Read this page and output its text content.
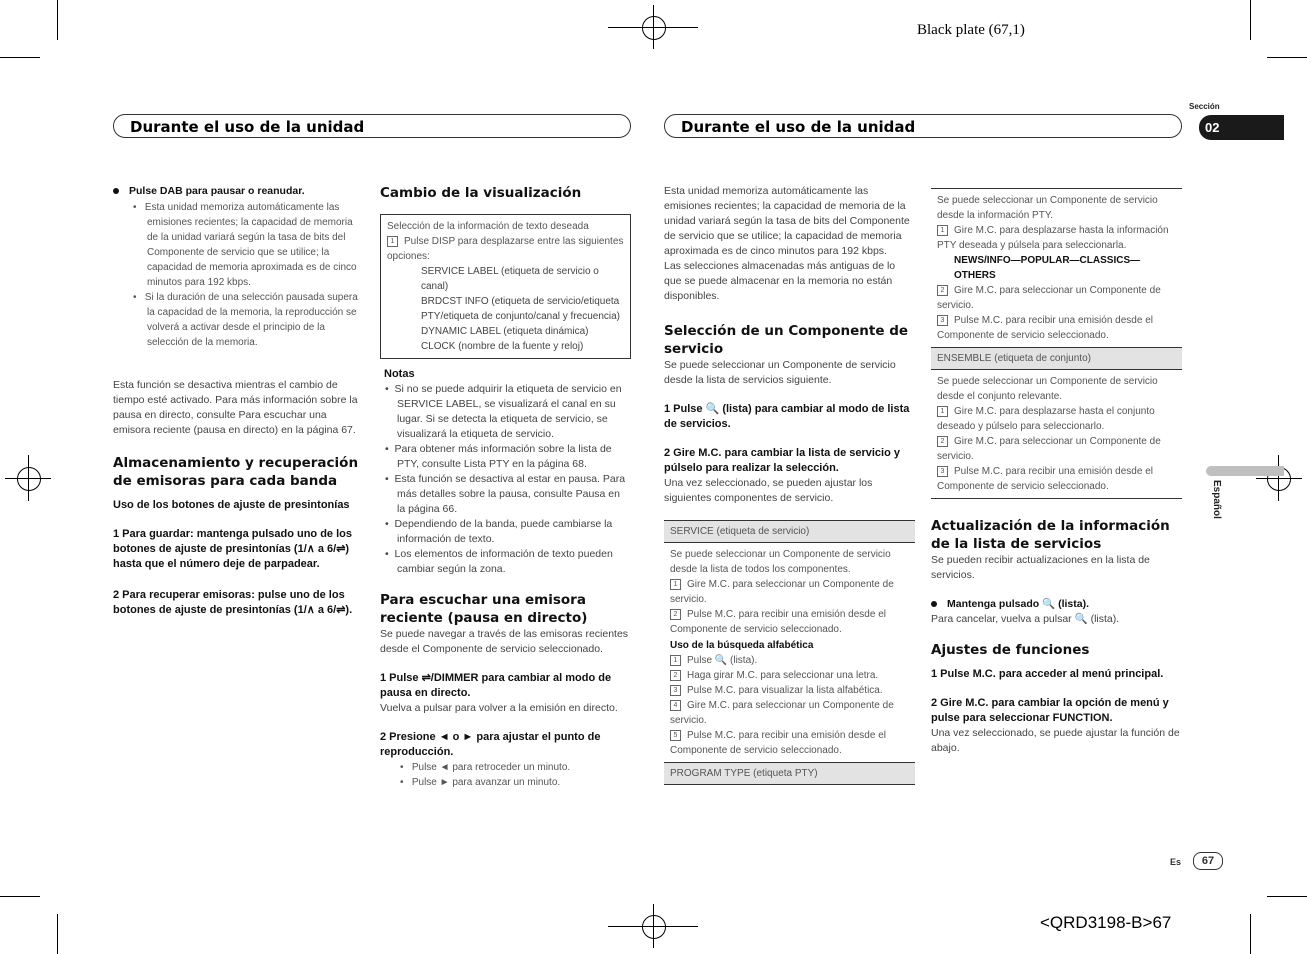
Black plate (67,1)
<QRD3198-B>67
Durante el uso de la unidad	Durante el uso de la unidad
Sección
02
Español

Pulse DAB para pausar o reanudar.

•   Esta unidad memoriza automáticamente las emisiones recientes; la capacidad de memoria de la unidad variará según la tasa de bits del Componente de servicio que se utilice; la capacidad de memoria aproximada es de cinco minutos para 192 kbps.

•   Si la duración de una selección pausada supera la capacidad de la memoria, la reproducción se volverá a activar desde el principio de la selección de la memoria.

Esta función se desactiva mientras el cambio de tiempo esté activado. Para más información sobre la pausa en directo, consulte Para escuchar una emisora reciente (pausa en directo) en la página 67.

Almacenamiento y recuperación de emisoras para cada banda

Uso de los botones de ajuste de presintonías

1 Para guardar: mantenga pulsado uno de los botones de ajuste de presintonías (1/∧ a 6/⇌) hasta que el número deje de parpadear.

2 Para recuperar emisoras: pulse uno de los botones de ajuste de presintonías (1/∧ a 6/⇌).

Cambio de la visualización
Selección de la información de texto deseada
1 Pulse DISP para desplazarse entre las siguientes opciones:
SERVICE LABEL (etiqueta de servicio o canal)
BRDCST INFO (etiqueta de servicio/etiqueta PTY/etiqueta de conjunto/canal y frecuencia)
DYNAMIC LABEL (etiqueta dinámica)
CLOCK (nombre de la fuente y reloj)

Notas

•  Si no se puede adquirir la etiqueta de servicio en SERVICE LABEL, se visualizará el canal en su lugar. Si se detecta la etiqueta de servicio, se visualizará la etiqueta de servicio.

•  Para obtener más información sobre la lista de PTY, consulte Lista PTY en la página 68.

•  Esta función se desactiva al estar en pausa. Para más detalles sobre la pausa, consulte Pausa en la página 66.

•  Dependiendo de la banda, puede cambiarse la información de texto.

•  Los elementos de información de texto pueden cambiar según la zona.

Para escuchar una emisora reciente (pausa en directo)

Se puede navegar a través de las emisoras recientes desde el Componente de servicio seleccionado.

1 Pulse ⇌/DIMMER para cambiar al modo de pausa en directo.

Vuelva a pulsar para volver a la emisión en directo.

2 Presione ◄ o ► para ajustar el punto de reproducción.

•   Pulse ◄ para retroceder un minuto.

•   Pulse ► para avanzar un minuto.

Esta unidad memoriza automáticamente las emisiones recientes; la capacidad de memoria de la unidad variará según la tasa de bits del Componente de servicio que se utilice; la capacidad de memoria aproximada es de cinco minutos para 192 kbps.
Las selecciones almacenadas más antiguas de lo que se puede almacenar en la memoria no están disponibles.

Selección de un Componente de servicio

Se puede seleccionar un Componente de servicio desde la lista de servicios siguiente.

1 Pulse 🔍 (lista) para cambiar al modo de lista de servicios.

2 Gire M.C. para cambiar la lista de servicio y púlselo para realizar la selección.

Una vez seleccionado, se pueden ajustar los siguientes componentes de servicio.

SERVICE (etiqueta de servicio)
Se puede seleccionar un Componente de servicio desde la lista de todos los componentes.
1 Gire M.C. para seleccionar un Componente de servicio.
2 Pulse M.C. para recibir una emisión desde el Componente de servicio seleccionado.
Uso de la búsqueda alfabética
1 Pulse 🔍 (lista).
2 Haga girar M.C. para seleccionar una letra.
3 Pulse M.C. para visualizar la lista alfabética.
4 Gire M.C. para seleccionar un Componente de servicio.
5 Pulse M.C. para recibir una emisión desde el Componente de servicio seleccionado.
PROGRAM TYPE (etiqueta PTY)
Se puede seleccionar un Componente de servicio desde la información PTY.
1 Gire M.C. para desplazarse hasta la información PTY deseada y púlsela para seleccionarla.
NEWS/INFO—POPULAR—CLASSICS—OTHERS
2 Gire M.C. para seleccionar un Componente de servicio.
3 Pulse M.C. para recibir una emisión desde el Componente de servicio seleccionado.
ENSEMBLE (etiqueta de conjunto)
Se puede seleccionar un Componente de servicio desde el conjunto relevante.
1 Gire M.C. para desplazarse hasta el conjunto deseado y púlselo para seleccionarlo.
2 Gire M.C. para seleccionar un Componente de servicio.
3 Pulse M.C. para recibir una emisión desde el Componente de servicio seleccionado.
Actualización de la información de la lista de servicios

Se pueden recibir actualizaciones en la lista de servicios.

Mantenga pulsado 🔍 (lista).

Para cancelar, vuelva a pulsar 🔍 (lista).

Ajustes de funciones

1 Pulse M.C. para acceder al menú principal.

2 Gire M.C. para cambiar la opción de menú y pulse para seleccionar FUNCTION.

Una vez seleccionado, se puede ajustar la función de abajo.

Es	67
